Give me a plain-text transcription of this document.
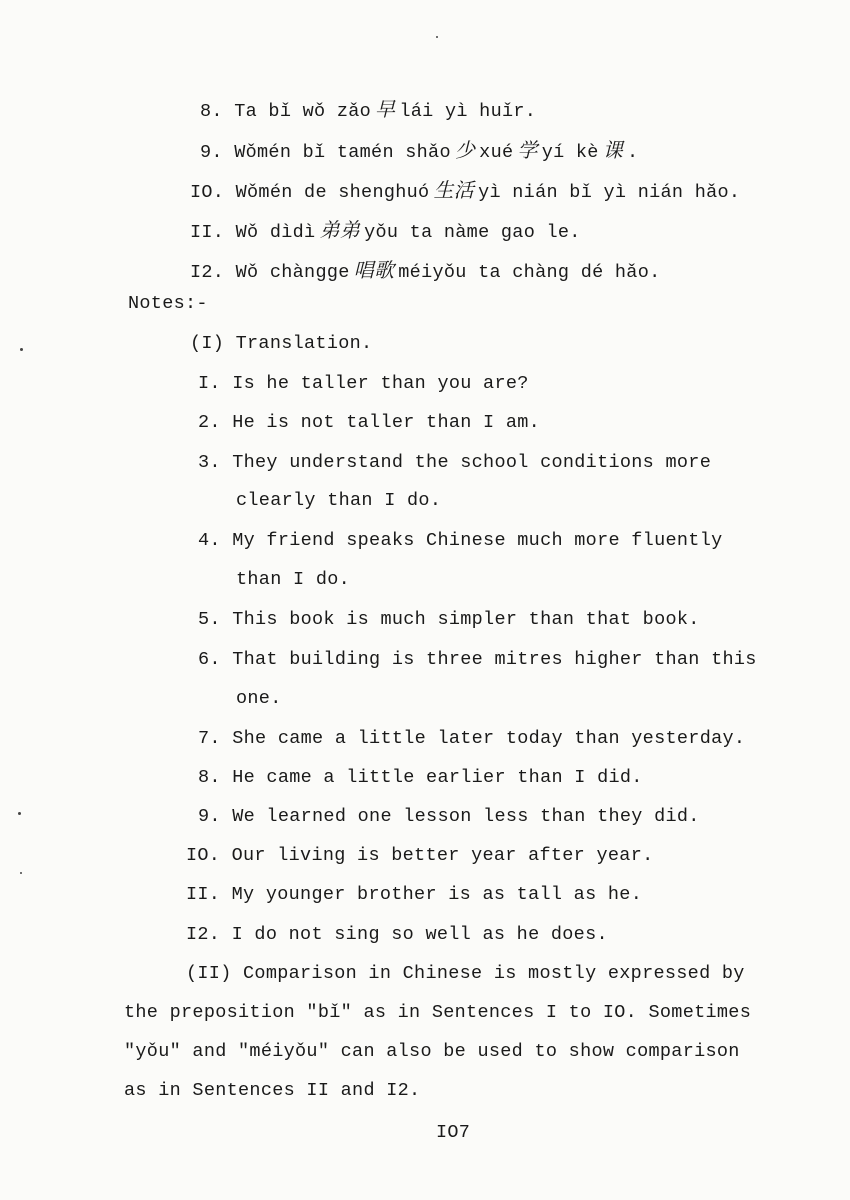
8. Ta bǐ wǒ zǎo 早 lái yì huǐr.
9. Wǒmén bǐ tamén shǎo 少 xué 学 yí kè 课 .
IO. Wǒmén de shenghuó 生活 yì nián bǐ yì nián hǎo.
II. Wǒ dìdì 弟弟 yǒu ta nàme gao le.
I2. Wǒ chàngge 唱歌 méiyǒu ta chàng dé hǎo.
Notes:-
(I) Translation.
I. Is he taller than you are?
2. He is not taller than I am.
3. They understand the school conditions more
clearly than I do.
4. My friend speaks Chinese much more fluently
than I do.
5. This book is much simpler than that book.
6. That building is three mitres higher than this
one.
7. She came a little later today than yesterday.
8. He came a little earlier than I did.
9. We learned one lesson less than they did.
IO. Our living is better year after year.
II. My younger brother is as tall as he.
I2. I do not sing so well as he does.
(II) Comparison in Chinese is mostly expressed by
the preposition "bǐ" as in Sentences I to IO. Sometimes
"yǒu" and "méiyǒu" can also be used to show comparison
as in Sentences II and I2.
IO7
